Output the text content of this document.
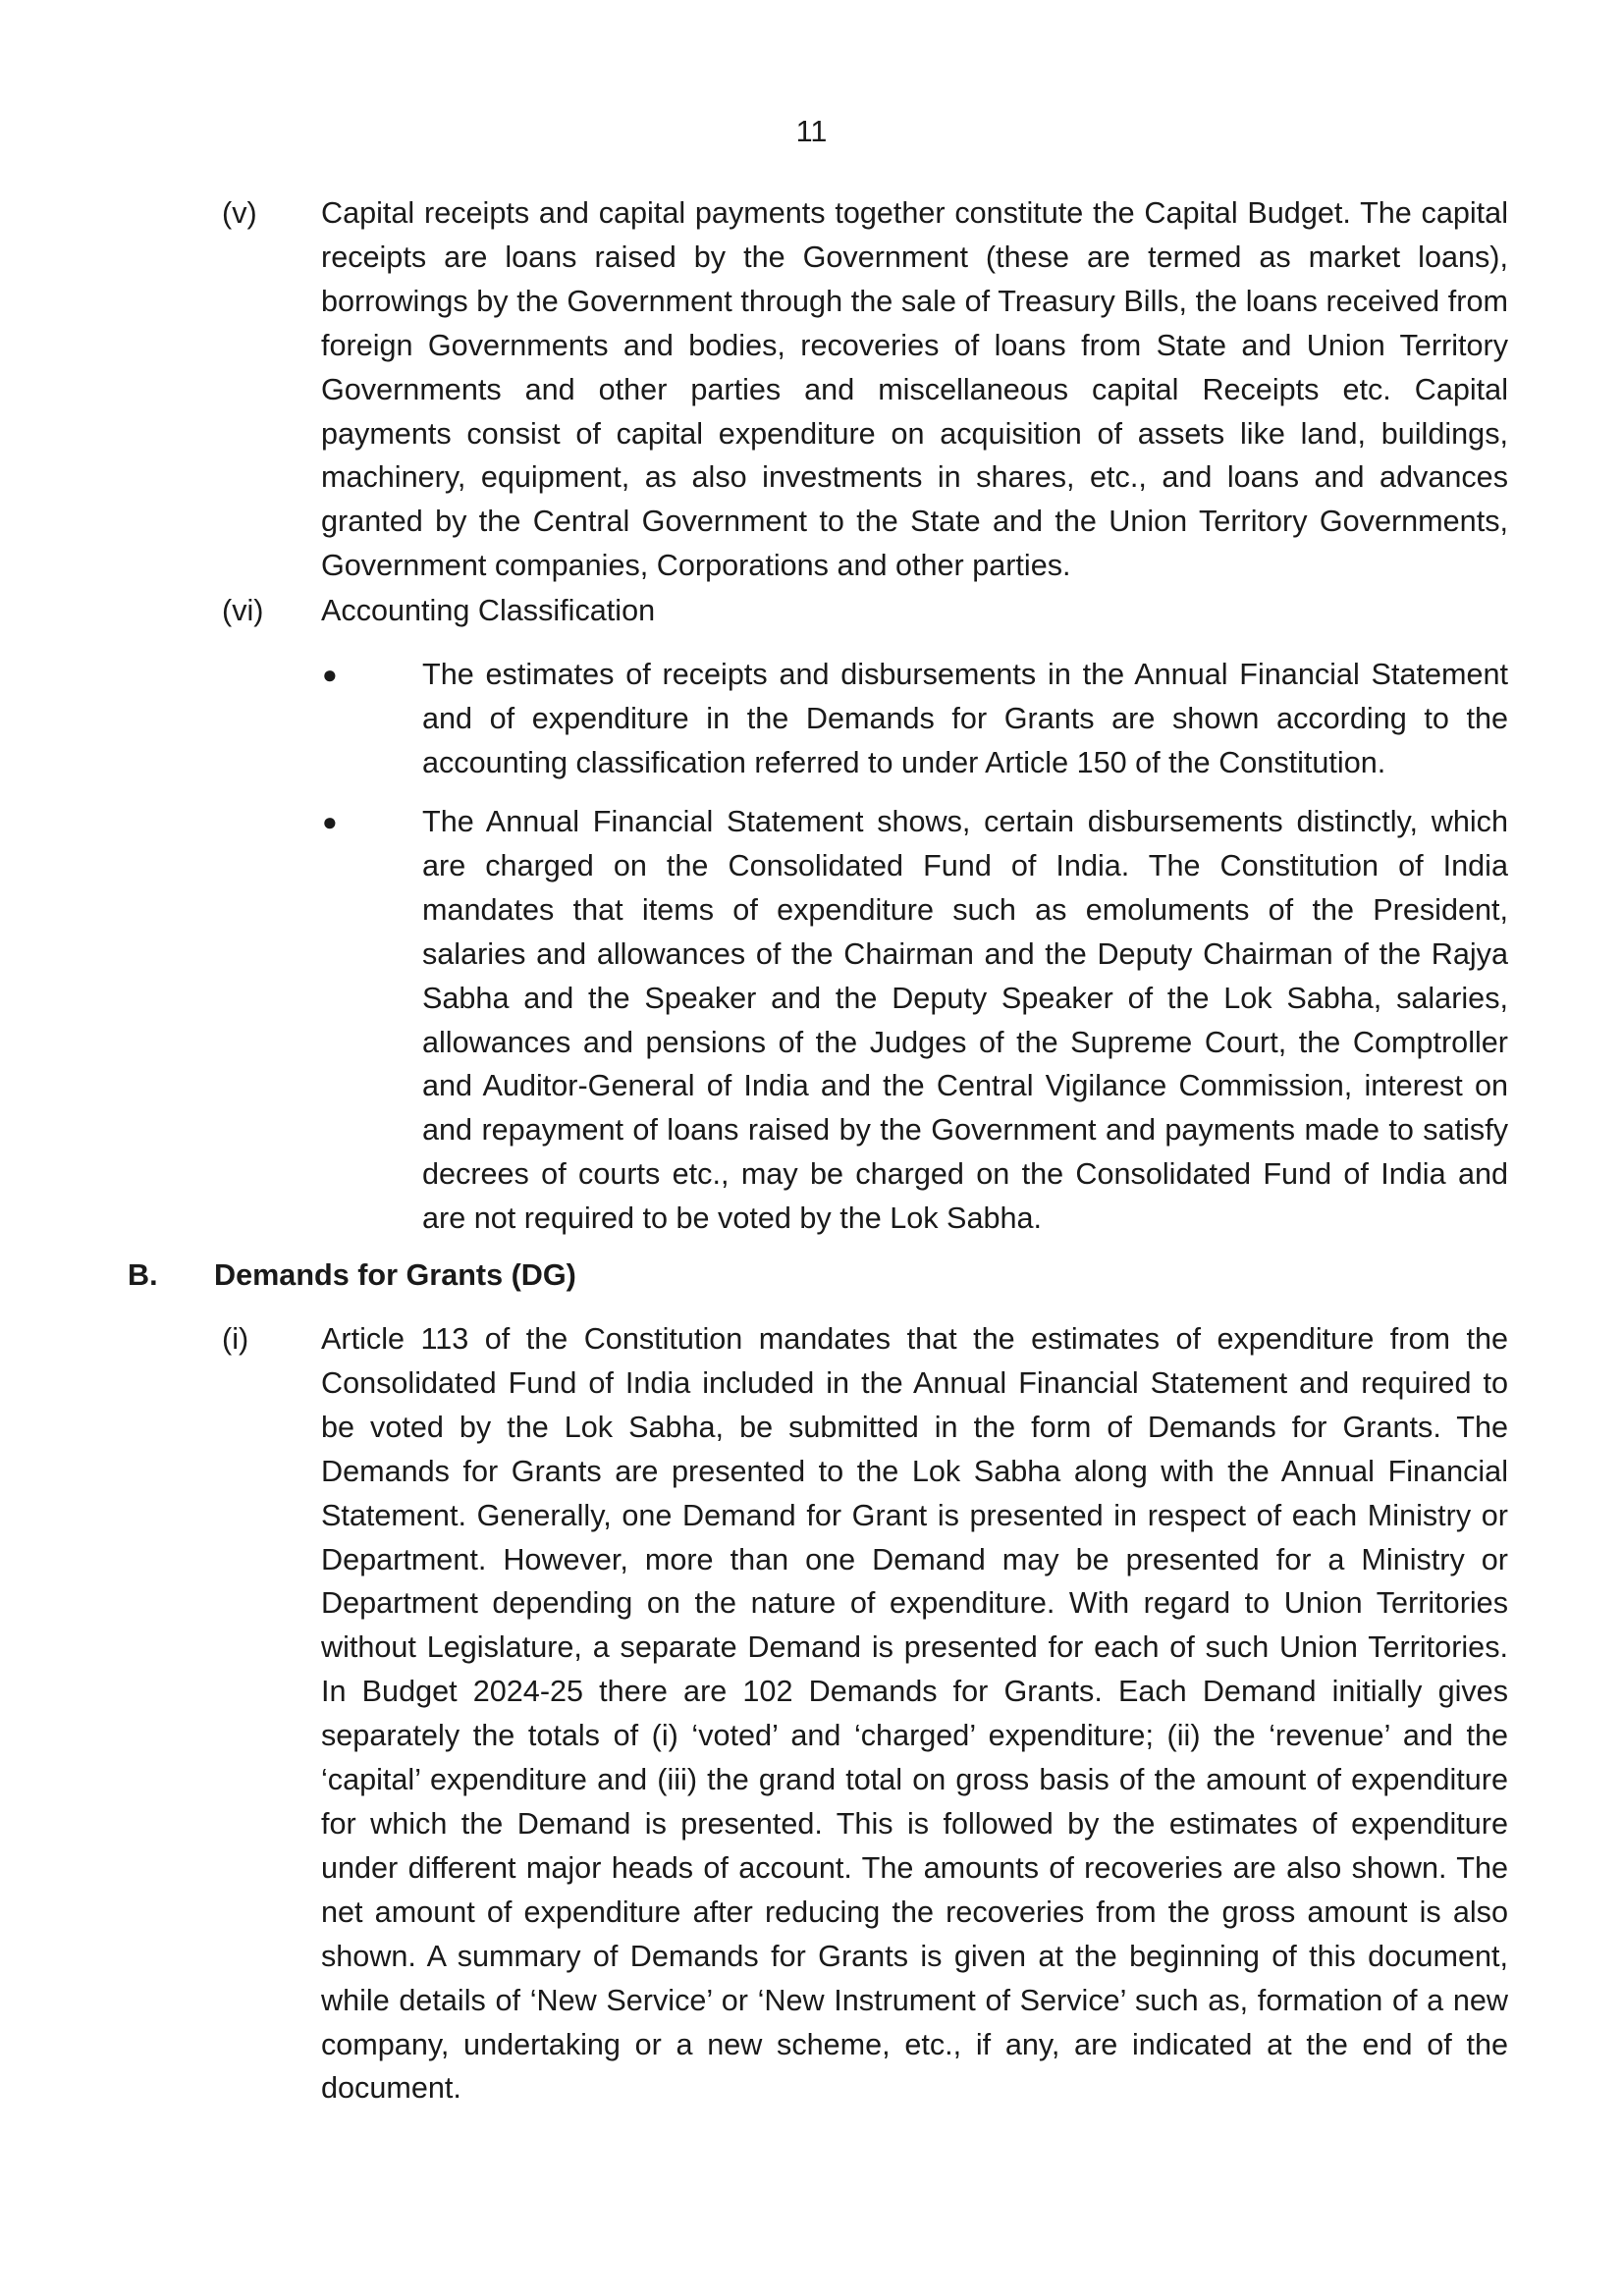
11
(v) Capital receipts and capital payments together constitute the Capital Budget. The capital receipts are loans raised by the Government (these are termed as market loans), borrowings by the Government through the sale of Treasury Bills, the loans received from foreign Governments and bodies, recoveries of loans from State and Union Territory Governments and other parties and miscellaneous capital Receipts etc. Capital payments consist of capital expenditure on acquisition of assets like land, buildings, machinery, equipment, as also investments in shares, etc., and loans and advances granted by the Central Government to the State and the Union Territory Governments, Government companies, Corporations and other parties.
(vi) Accounting Classification
●	The estimates of receipts and disbursements in the Annual Financial Statement and of expenditure in the Demands for Grants are shown according to the accounting classification referred to under Article 150 of the Constitution.
●	The Annual Financial Statement shows, certain disbursements distinctly, which are charged on the Consolidated Fund of India. The Constitution of India mandates that items of expenditure such as emoluments of the President, salaries and allowances of the Chairman and the Deputy Chairman of the Rajya Sabha and the Speaker and the Deputy Speaker of the Lok Sabha, salaries, allowances and pensions of the Judges of the Supreme Court, the Comptroller and Auditor-General of India and the Central Vigilance Commission, interest on and repayment of loans raised by the Government and payments made to satisfy decrees of courts etc., may be charged on the Consolidated Fund of India and are not required to be voted by the Lok Sabha.
B. Demands for Grants (DG)
(i) Article 113 of the Constitution mandates that the estimates of expenditure from the Consolidated Fund of India included in the Annual Financial Statement and required to be voted by the Lok Sabha, be submitted in the form of Demands for Grants. The Demands for Grants are presented to the Lok Sabha along with the Annual Financial Statement. Generally, one Demand for Grant is presented in respect of each Ministry or Department. However, more than one Demand may be presented for a Ministry or Department depending on the nature of expenditure. With regard to Union Territories without Legislature, a separate Demand is presented for each of such Union Territories. In Budget 2024-25 there are 102 Demands for Grants. Each Demand initially gives separately the totals of (i) ‘voted’ and ‘charged’ expenditure; (ii) the ‘revenue’ and the ‘capital’ expenditure and (iii) the grand total on gross basis of the amount of expenditure for which the Demand is presented. This is followed by the estimates of expenditure under different major heads of account. The amounts of recoveries are also shown. The net amount of expenditure after reducing the recoveries from the gross amount is also shown. A summary of Demands for Grants is given at the beginning of this document, while details of ‘New Service’ or ‘New Instrument of Service’ such as, formation of a new company, undertaking or a new scheme, etc., if any, are indicated at the end of the document.
